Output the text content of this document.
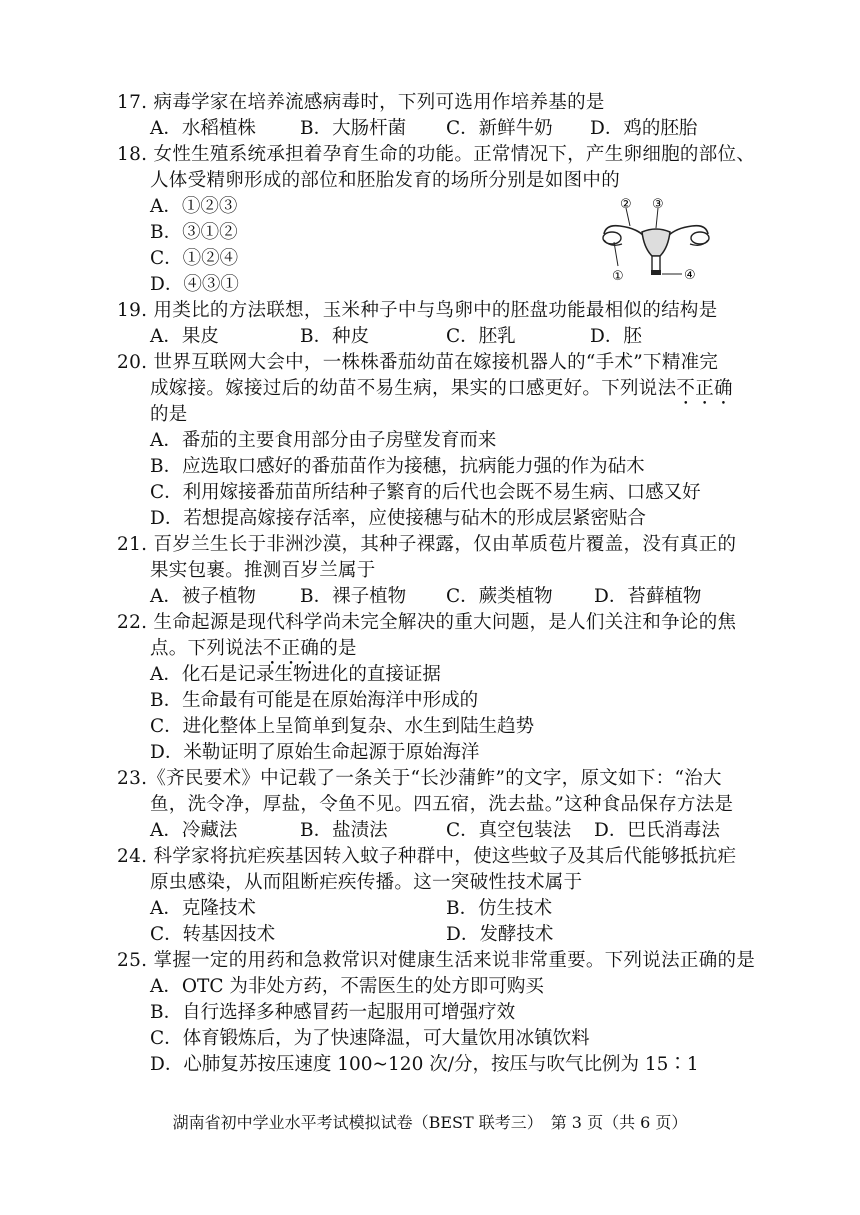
17. 病毒学家在培养流感病毒时，下列可选用作培养基的是
A．水稻植株 B．大肠杆菌 C．新鲜牛奶 D．鸡的胚胎
18. 女性生殖系统承担着孕育生命的功能。正常情况下，产生卵细胞的部位、
人体受精卵形成的部位和胚胎发育的场所分别是如图中的
A．①②③
B．③①②
C．①②④
D．④③①
② ③
①	④
19. 用类比的方法联想，玉米种子中与鸟卵中的胚盘功能最相似的结构是
A．果皮	B．种皮	C．胚乳	D．胚
20. 世界互联网大会中，一株株番茄幼苗在嫁接机器人的“手术”下精准完
成嫁接。嫁接过后的幼苗不易生病，果实的口感更好。下列说法不正确
的是
A．番茄的主要食用部分由子房壁发育而来
B．应选取口感好的番茄苗作为接穗，抗病能力强的作为砧木
C．利用嫁接番茄苗所结种子繁育的后代也会既不易生病、口感又好
D．若想提高嫁接存活率，应使接穗与砧木的形成层紧密贴合
21. 百岁兰生长于非洲沙漠，其种子裸露，仅由革质苞片覆盖，没有真正的
果实包裹。推测百岁兰属于
A．被子植物 B．裸子植物 C．蕨类植物 D．苔藓植物
22. 生命起源是现代科学尚未完全解决的重大问题，是人们关注和争论的焦
点。下列说法不正确的是
A．化石是记录生物进化的直接证据
B．生命最有可能是在原始海洋中形成的
C．进化整体上呈简单到复杂、水生到陆生趋势
D．米勒证明了原始生命起源于原始海洋
23.《齐民要术》中记载了一条关于“长沙蒲鲊”的文字，原文如下：“治大
鱼，洗令净，厚盐，令鱼不见。四五宿，洗去盐。”这种食品保存方法是
A．冷藏法	B．盐渍法	C．真空包装法 D．巴氏消毒法
24. 科学家将抗疟疾基因转入蚊子种群中，使这些蚊子及其后代能够抵抗疟
原虫感染，从而阻断疟疾传播。这一突破性技术属于
A．克隆技术	B．仿生技术
C．转基因技术	D．发酵技术
25. 掌握一定的用药和急救常识对健康生活来说非常重要。下列说法正确的是
A．OTC 为非处方药，不需医生的处方即可购买
B．自行选择多种感冒药一起服用可增强疗效
C．体育锻炼后，为了快速降温，可大量饮用冰镇饮料
D．心肺复苏按压速度 100~120 次/分，按压与吹气比例为 15∶1
湖南省初中学业水平考试模拟试卷（BEST 联考三）　第 3 页（共 6 页）
